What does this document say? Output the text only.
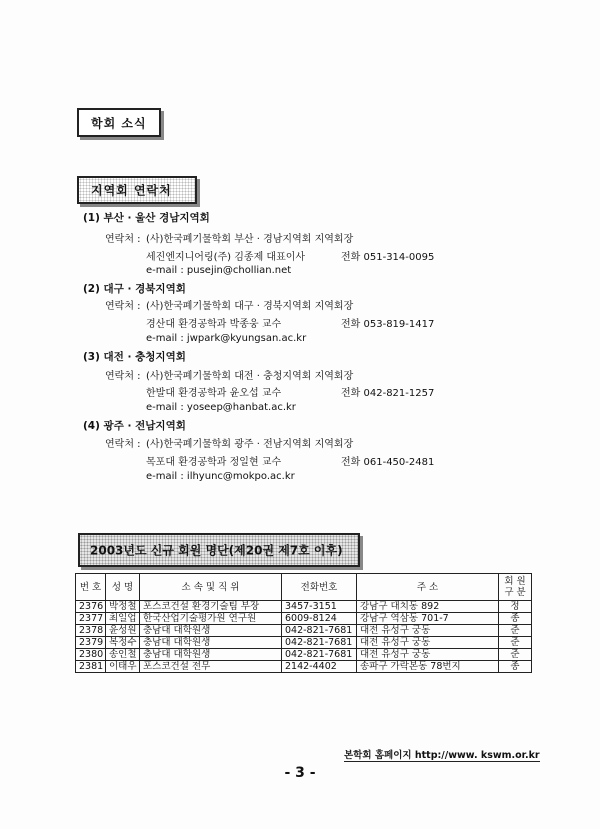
학회 소식
지역회 연락처
(1) 부산 · 울산 경남지역회
연락처 : (사)한국폐기물학회 부산 · 경남지역회 지역회장
세진엔지니어링(주) 김종제 대표이사	전화 051-314-0095
e-mail : pusejin@chollian.net
(2) 대구 · 경북지역회
연락처 : (사)한국폐기물학회 대구 · 경북지역회 지역회장
경산대 환경공학과 박종웅 교수	전화 053-819-1417
e-mail : jwpark@kyungsan.ac.kr
(3) 대전 · 충청지역회
연락처 : (사)한국폐기물학회 대전 · 충청지역회 지역회장
한발대 환경공학과 윤오섭 교수	전화 042-821-1257
e-mail : yoseep@hanbat.ac.kr
(4) 광주 · 전남지역회
연락처 : (사)한국폐기물학회 광주 · 전남지역회 지역회장
목포대 환경공학과 정일현 교수	전화 061-450-2481
e-mail : ilhyunc@mokpo.ac.kr
2003년도 신규 회원 명단(제20권 제7호 이후)
번 호	성 명	소 속 및 직 위	전화번호	주 소	회 원
구 분
2376	박정철	포스코건설 환경기술팀 부장	3457-3151	강남구 대치동 892	정
2377	최일업	한국산업기술평가원 연구원	6009-8124	강남구 역삼동 701-7	종
2378	윤성원	충남대 대학원생	042-821-7681	대전 유성구 궁동	준
2379	복정수	충남대 대학원생	042-821-7681	대전 유성구 궁동	준
2380	송인철	충남대 대학원생	042-821-7681	대전 유성구 궁동	준
2381	이태우	포스코건설 전무	2142-4402	송파구 가락본동 78번지	종
본학회 홈페이지 http://www. kswm.or.kr
- 3 -
